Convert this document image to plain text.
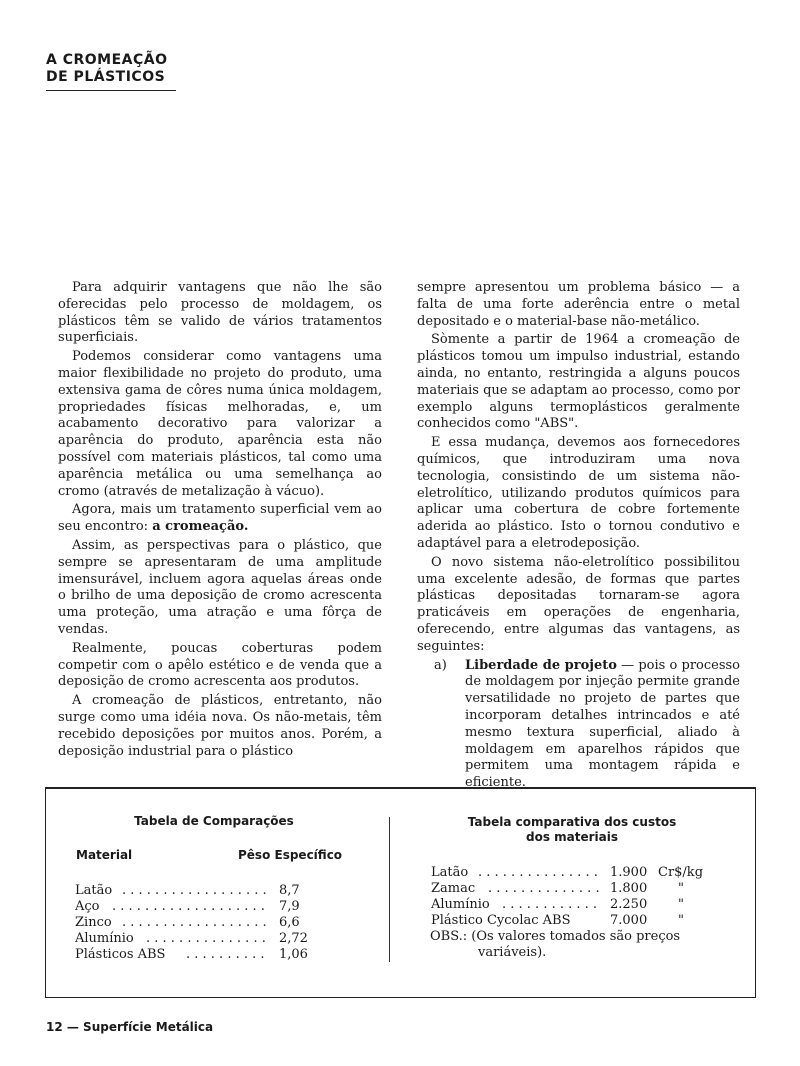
A CROMEAÇÃO
DE PLÁSTICOS

Para adquirir vantagens que não lhe são oferecidas pelo processo de moldagem, os plásticos têm se valido de vários tratamentos superficiais.

Podemos considerar como vantagens uma maior flexibilidade no projeto do produto, uma extensiva gama de côres numa única moldagem, propriedades físicas melhoradas, e, um acabamento decorativo para valorizar a aparência do produto, aparência esta não possível com materiais plásticos, tal como uma aparência metálica ou uma semelhança ao cromo (através de metalização à vácuo).

Agora, mais um tratamento superficial vem ao seu encontro: a cromeação.

Assim, as perspectivas para o plástico, que sempre se apresentaram de uma amplitude imensurável, incluem agora aquelas áreas onde o brilho de uma deposição de cromo acrescenta uma proteção, uma atração e uma fôrça de vendas.

Realmente, poucas coberturas podem competir com o apêlo estético e de venda que a deposição de cromo acrescenta aos produtos.

A cromeação de plásticos, entretanto, não surge como uma idéia nova. Os não-metais, têm recebido deposições por muitos anos. Porém, a deposição industrial para o plástico

sempre apresentou um problema básico — a falta de uma forte aderência entre o metal depositado e o material-base não-metálico.

Sòmente a partir de 1964 a cromeação de plásticos tomou um impulso industrial, estando ainda, no entanto, restringida a alguns poucos materiais que se adaptam ao processo, como por exemplo alguns termoplásticos geralmente conhecidos como "ABS".

E essa mudança, devemos aos fornecedores químicos, que introduziram uma nova tecnologia, consistindo de um sistema não-eletrolítico, utilizando produtos químicos para aplicar uma cobertura de cobre fortemente aderida ao plástico. Isto o tornou condutivo e adaptável para a eletrodeposição.

O novo sistema não-eletrolítico possibilitou uma excelente adesão, de formas que partes plásticas depositadas tornaram-se agora praticáveis em operações de engenharia, oferecendo, entre algumas das vantagens, as seguintes:

a) Liberdade de projeto — pois o processo de moldagem por injeção permite grande versatilidade no projeto de partes que incorporam detalhes intrincados e até mesmo textura superficial, aliado à moldagem em aparelhos rápidos que permitem uma montagem rápida e eficiente.
Tabela de Comparações
Material	Pêso Específico
Latão . . .	8,7
Aço . . .	7,9
Zinco . . .	6,6
Alumínio . . .	2,72
Plásticos ABS . . .	1,06
Tabela comparativa dos custos
dos materiais
Latão . . .	1.900 Cr$/kg
Zamac . . .	1.800 "
Alumínio . . .	2.250 "
Plástico Cycolac ABS	7.000 "
OBS.: (Os valores tomados são preços
variáveis).
12 — Superfície Metálica
